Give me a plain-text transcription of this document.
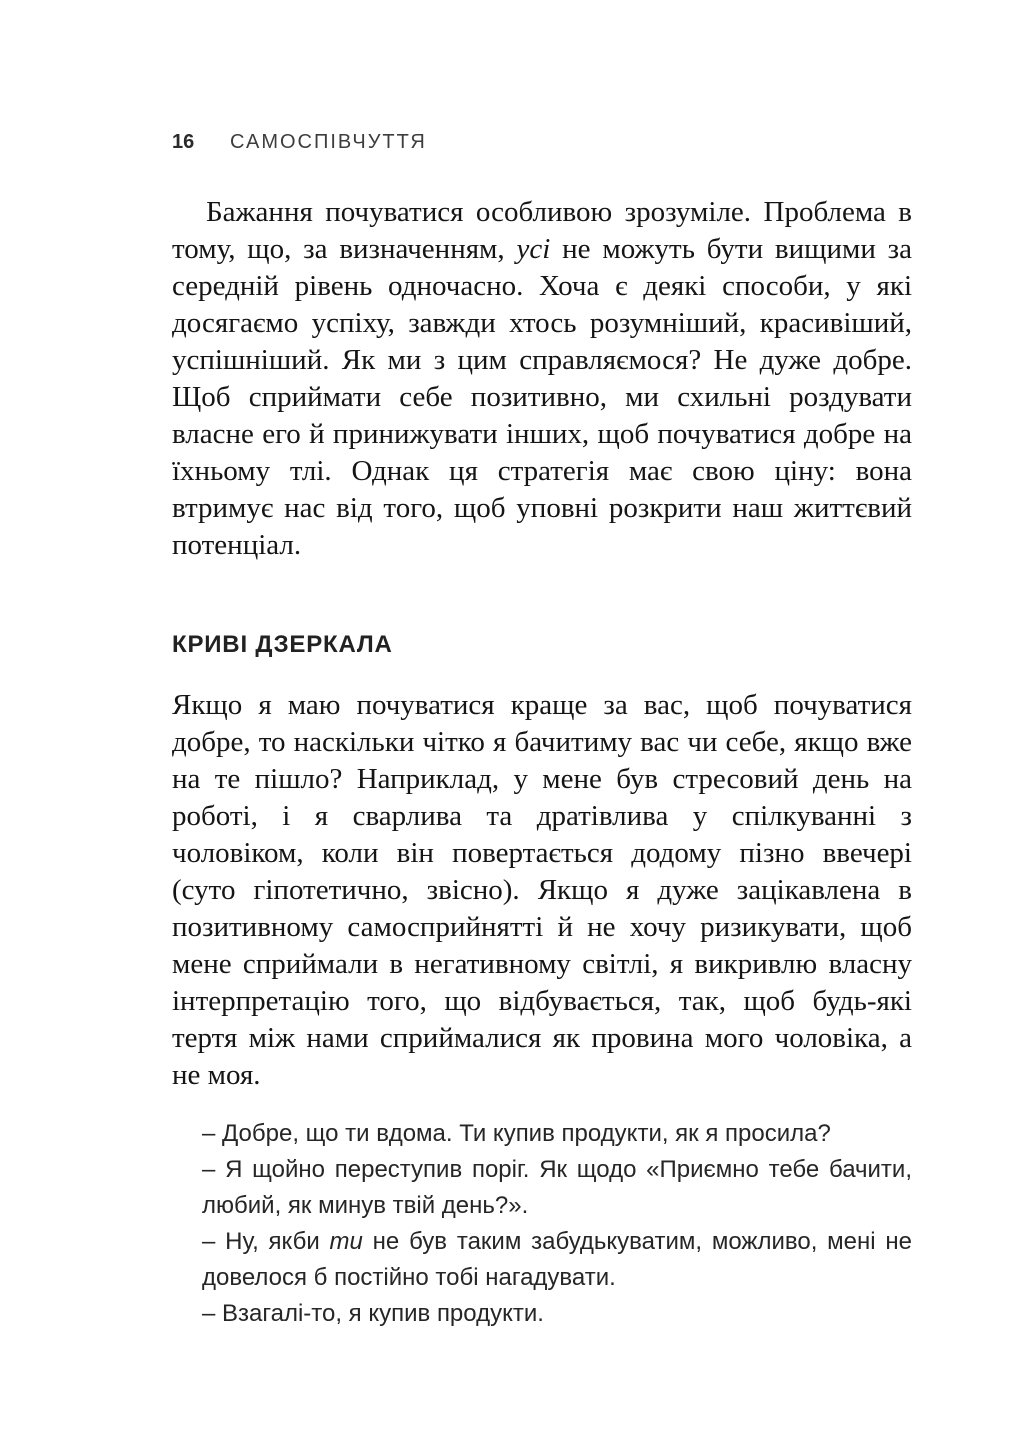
16	САМОСПІВЧУТТЯ

Бажання почуватися особливою зрозуміле. Проблема в тому, що, за визначенням, усі не можуть бути вищими за середній рівень одночасно. Хоча є деякі способи, у які досягаємо успіху, завжди хтось розумніший, красивіший, успішніший. Як ми з цим справляємося? Не дуже добре. Щоб сприймати себе позитивно, ми схильні роздувати власне его й принижувати інших, щоб почуватися добре на їхньому тлі. Однак ця стратегія має свою ціну: вона втримує нас від того, щоб уповні розкрити наш життєвий потенціал.

КРИВІ ДЗЕРКАЛА

Якщо я маю почуватися краще за вас, щоб почуватися добре, то наскільки чітко я бачитиму вас чи себе, якщо вже на те пішло? Наприклад, у мене був стресовий день на роботі, і я сварлива та дратівлива у спілкуванні з чоловіком, коли він повертається додому пізно ввечері (суто гіпотетично, звісно). Якщо я дуже зацікавлена в позитивному самосприйнятті й не хочу ризикувати, щоб мене сприймали в негативному світлі, я викривлю власну інтерпретацію того, що відбувається, так, щоб будь-які тертя між нами сприймалися як провина мого чоловіка, а не моя.

– Добре, що ти вдома. Ти купив продукти, як я просила?

– Я щойно переступив поріг. Як щодо «Приємно тебе бачити, любий, як минув твій день?».

– Ну, якби ти не був таким забудькуватим, можливо, мені не довелося б постійно тобі нагадувати.

– Взагалі-то, я купив продукти.
